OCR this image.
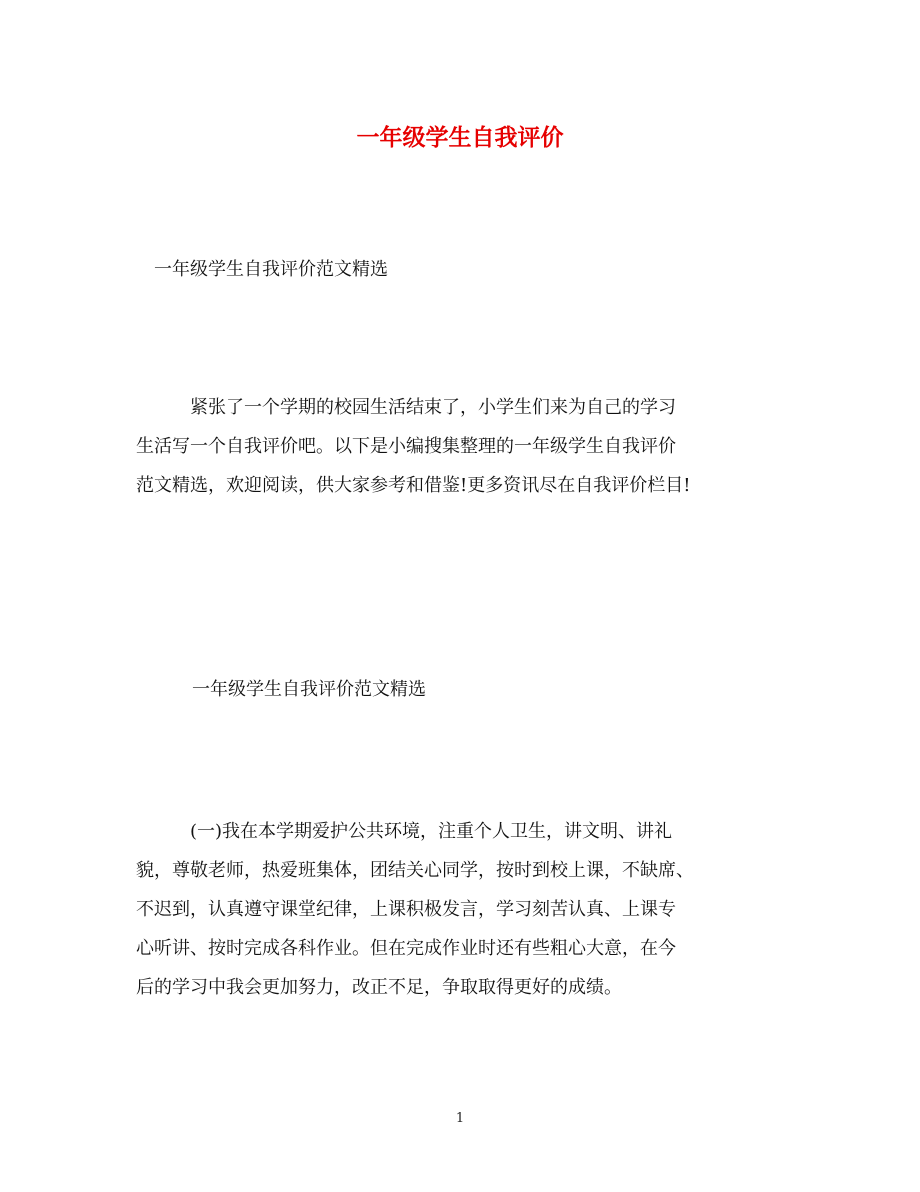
一年级学生自我评价

一年级学生自我评价范文精选

紧张了一个学期的校园生活结束了，小学生们来为自己的学习
生活写一个自我评价吧。以下是小编搜集整理的一年级学生自我评价
范文精选，欢迎阅读，供大家参考和借鉴!更多资讯尽在自我评价栏目!

一年级学生自我评价范文精选

(一)我在本学期爱护公共环境，注重个人卫生，讲文明、讲礼
貌，尊敬老师，热爱班集体，团结关心同学，按时到校上课，不缺席、
不迟到，认真遵守课堂纪律，上课积极发言，学习刻苦认真、上课专
心听讲、按时完成各科作业。但在完成作业时还有些粗心大意，在今
后的学习中我会更加努力，改正不足，争取取得更好的成绩。
1
